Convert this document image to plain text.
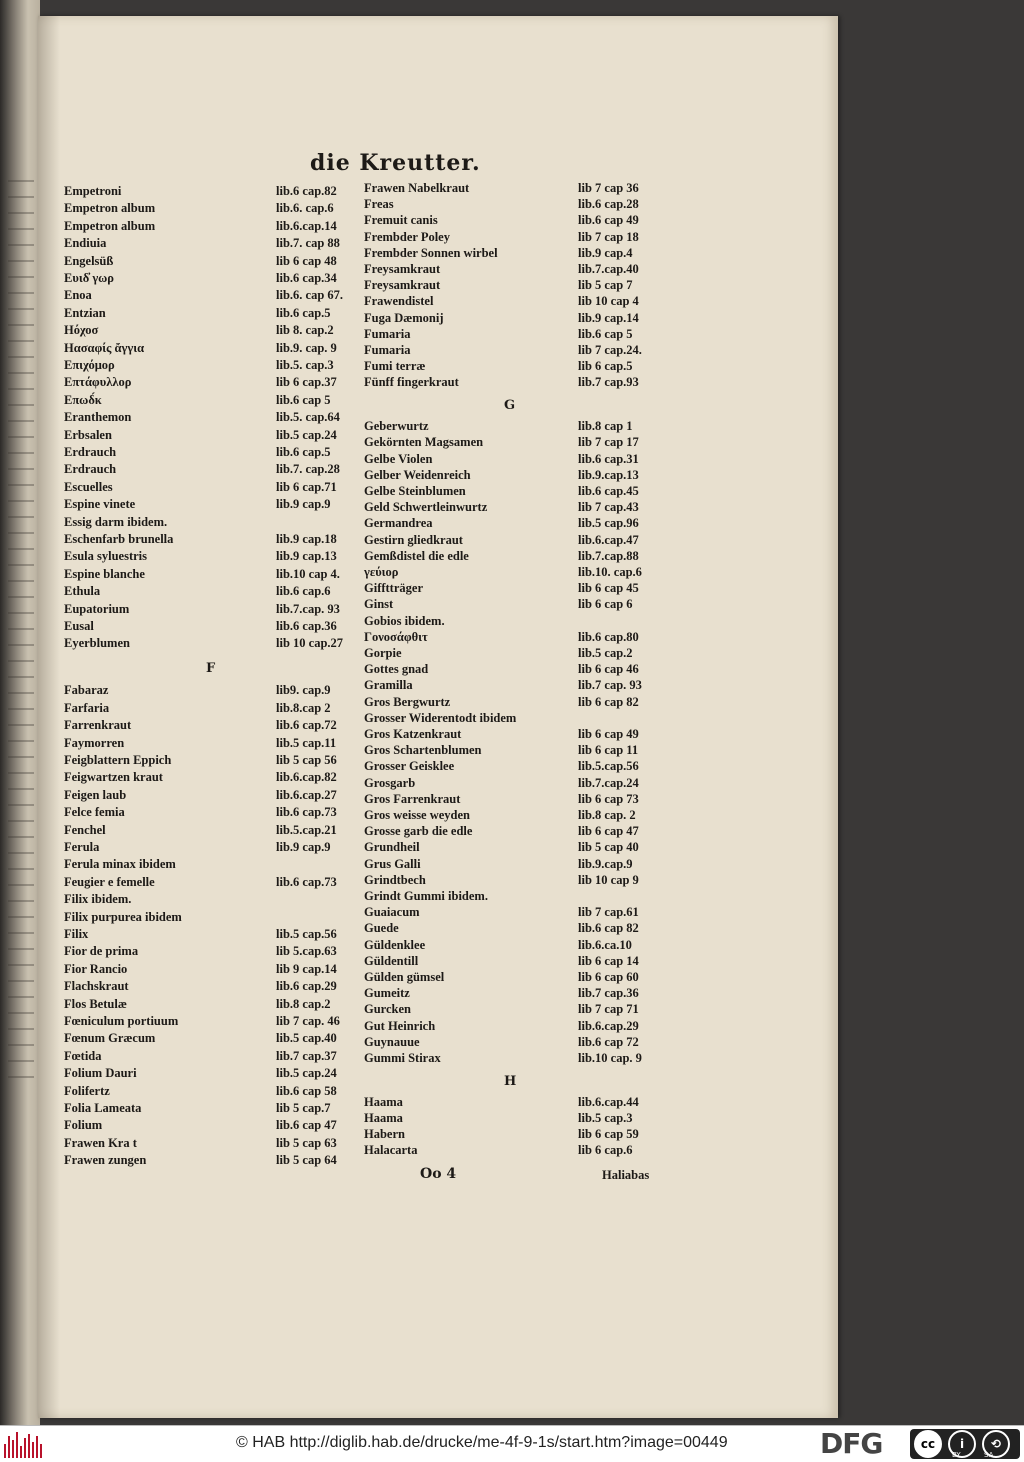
die Kreutter.
Empetroni	lib.6 cap.82
Empetron album	lib.6. cap.6
Empetron album	lib.6.cap.14
Endiuia	lib.7. cap 88
Engelsüß	lib 6 cap 48
Ευιδ̓ γωρ	lib.6 cap.34
Enoa	lib.6. cap 67.
Entzian	lib.6 cap.5
Ηόχοσ	lib 8. cap.2
Ηασαφίς ἄγγια	lib.9. cap. 9
Επιχόμορ	lib.5. cap.3
Επτάφυλλορ	lib 6 cap.37
Επωδ́κ	lib.6 cap 5
Eranthemon	lib.5. cap.64
Erbsalen	lib.5 cap.24
Erdrauch	lib.6 cap.5
Erdrauch	lib.7. cap.28
Escuelles	lib 6 cap.71
Espine vinete	lib.9 cap.9
Essig darm ibidem.
Eschenfarb brunella	lib.9 cap.18
Esula syluestris	lib.9 cap.13
Espine blanche	lib.10 cap 4.
Ethula	lib.6 cap.6
Eupatorium	lib.7.cap. 93
Eusal	lib.6 cap.36
Eyerblumen	lib 10 cap.27
F
Fabaraz	lib9. cap.9
Farfaria	lib.8.cap 2
Farrenkraut	lib.6 cap.72
Faymorren	lib.5 cap.11
Feigblattern Eppich	lib 5 cap 56
Feigwartzen kraut	lib.6.cap.82
Feigen laub	lib.6.cap.27
Felce femia	lib.6 cap.73
Fenchel	lib.5.cap.21
Ferula	lib.9 cap.9
Ferula minax ibidem
Feugier e femelle	lib.6 cap.73
Filix ibidem.
Filix purpurea ibidem
Filix	lib.5 cap.56
Fior de prima	lib 5.cap.63
Fior Rancio	lib 9 cap.14
Flachskraut	lib.6 cap.29
Flos Betulæ	lib.8 cap.2
Fœniculum portiuum	lib 7 cap. 46
Fœnum Græcum	lib.5 cap.40
Fœtida	lib.7 cap.37
Folium Dauri	lib.5 cap.24
Folifertz	lib.6 cap 58
Folia Lameata	lib 5 cap.7
Folium	lib.6 cap 47
Frawen Kra t	lib 5 cap 63
Frawen zungen	lib 5 cap 64
Frawen Nabelkraut	lib 7 cap 36
Freas	lib.6 cap.28
Fremuit canis	lib.6 cap 49
Frembder Poley	lib 7 cap 18
Frembder Sonnen wirbel	lib.9 cap.4
Freysamkraut	lib.7.cap.40
Freysamkraut	lib 5 cap 7
Frawendistel	lib 10 cap 4
Fuga Dæmonij	lib.9 cap.14
Fumaria	lib.6 cap 5
Fumaria	lib 7 cap.24.
Fumi terræ	lib 6 cap.5
Fünff fingerkraut	lib.7 cap.93
G
Geberwurtz	lib.8 cap 1
Gekörnten Magsamen	lib 7 cap 17
Gelbe Violen	lib.6 cap.31
Gelber Weidenreich	lib.9.cap.13
Gelbe Steinblumen	lib.6 cap.45
Geld Schwertleinwurtz	lib 7 cap.43
Germandrea	lib.5 cap.96
Gestirn gliedkraut	lib.6.cap.47
Gemßdistel die edle	lib.7.cap.88
γεύιορ	lib.10. cap.6
Gifftträger	lib 6 cap 45
Ginst	lib 6 cap 6
Gobios ibidem.
Γονοσάφθιτ	lib.6 cap.80
Gorpie	lib.5 cap.2
Gottes gnad	lib 6 cap 46
Gramilla	lib.7 cap. 93
Gros Bergwurtz	lib 6 cap 82
Grosser Widerentodt ibidem
Gros Katzenkraut	lib 6 cap 49
Gros Schartenblumen	lib 6 cap 11
Grosser Geisklee	lib.5.cap.56
Grosgarb	lib.7.cap.24
Gros Farrenkraut	lib 6 cap 73
Gros weisse weyden	lib.8 cap. 2
Grosse garb die edle	lib 6 cap 47
Grundheil	lib 5 cap 40
Grus Galli	lib.9.cap.9
Grindtbech	lib 10 cap 9
Grindt Gummi ibidem.
Guaiacum	lib 7 cap.61
Guede	lib.6 cap 82
Güldenklee	lib.6.ca.10
Güldentill	lib 6 cap 14
Gülden gümsel	lib 6 cap 60
Gumeitz	lib.7 cap.36
Gurcken	lib 7 cap 71
Gut Heinrich	lib.6.cap.29
Guynauue	lib.6 cap 72
Gummi Stirax	lib.10 cap. 9
H
Haama	lib.6.cap.44
Haama	lib.5 cap.3
Habern	lib 6 cap 59
Halacarta	lib 6 cap.6
Oo 4	Haliabas
© HAB http://diglib.hab.de/drucke/me-4f-9-1s/start.htm?image=00449	DFG	cc	i	⟲
BY	SA
